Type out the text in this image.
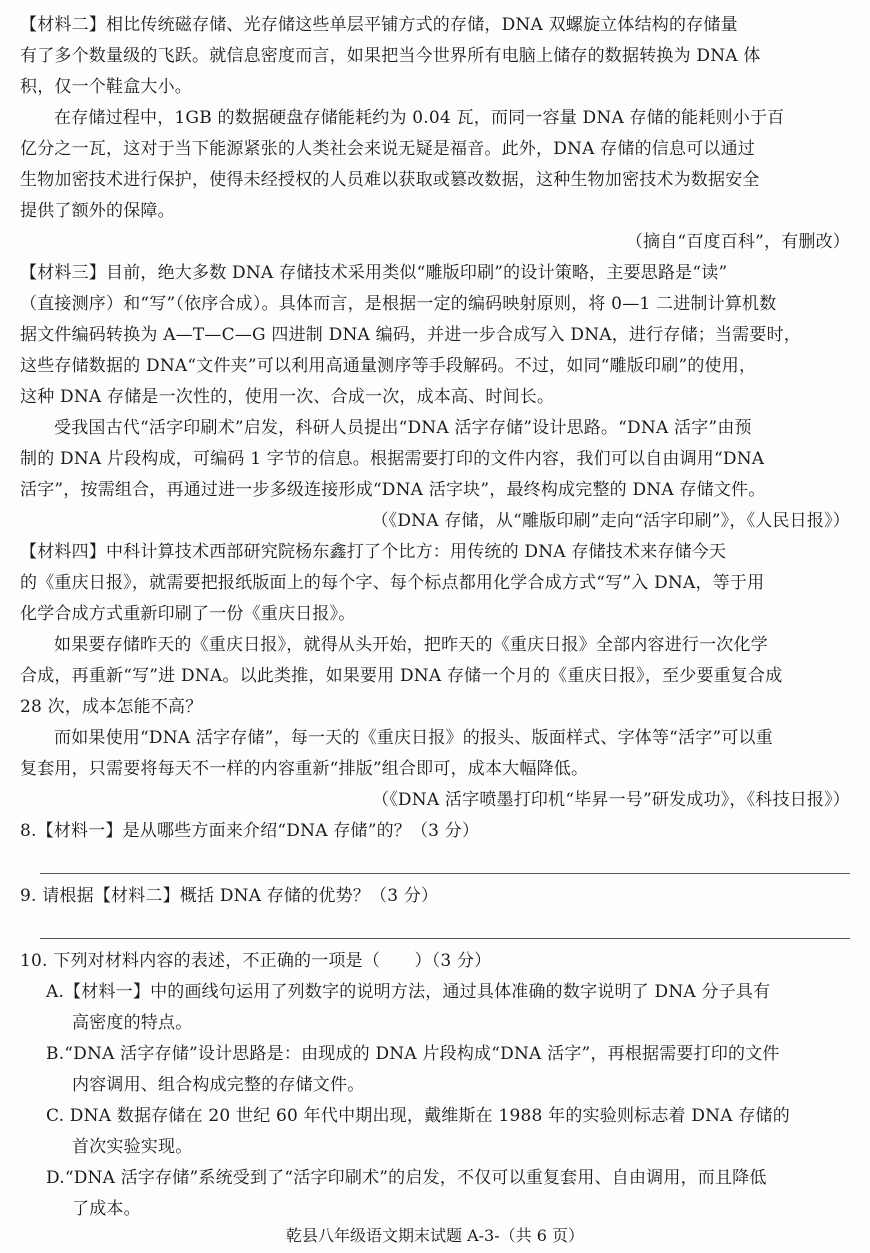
【材料二】相比传统磁存储、光存储这些单层平铺方式的存储，DNA 双螺旋立体结构的存储量
有了多个数量级的飞跃。就信息密度而言，如果把当今世界所有电脑上储存的数据转换为 DNA 体
积，仅一个鞋盒大小。
在存储过程中，1GB 的数据硬盘存储能耗约为 0.04 瓦，而同一容量 DNA 存储的能耗则小于百
亿分之一瓦，这对于当下能源紧张的人类社会来说无疑是福音。此外，DNA 存储的信息可以通过
生物加密技术进行保护，使得未经授权的人员难以获取或篡改数据，这种生物加密技术为数据安全
提供了额外的保障。
（摘自“百度百科”，有删改）
【材料三】目前，绝大多数 DNA 存储技术采用类似“雕版印刷”的设计策略，主要思路是“读”
（直接测序）和“写”（依序合成）。具体而言，是根据一定的编码映射原则，将 0—1 二进制计算机数
据文件编码转换为 A—T—C—G 四进制 DNA 编码，并进一步合成写入 DNA，进行存储；当需要时，
这些存储数据的 DNA“文件夹”可以利用高通量测序等手段解码。不过，如同“雕版印刷”的使用，
这种 DNA 存储是一次性的，使用一次、合成一次，成本高、时间长。
受我国古代“活字印刷术”启发，科研人员提出“DNA 活字存储”设计思路。“DNA 活字”由预
制的 DNA 片段构成，可编码 1 字节的信息。根据需要打印的文件内容，我们可以自由调用“DNA
活字”，按需组合，再通过进一步多级连接形成“DNA 活字块”，最终构成完整的 DNA 存储文件。
（《DNA 存储，从“雕版印刷”走向“活字印刷”》，《人民日报》）
【材料四】中科计算技术西部研究院杨东鑫打了个比方：用传统的 DNA 存储技术来存储今天
的《重庆日报》，就需要把报纸版面上的每个字、每个标点都用化学合成方式“写”入 DNA，等于用
化学合成方式重新印刷了一份《重庆日报》。
如果要存储昨天的《重庆日报》，就得从头开始，把昨天的《重庆日报》全部内容进行一次化学
合成，再重新“写”进 DNA。以此类推，如果要用 DNA 存储一个月的《重庆日报》，至少要重复合成
28 次，成本怎能不高？
而如果使用“DNA 活字存储”，每一天的《重庆日报》的报头、版面样式、字体等“活字”可以重
复套用，只需要将每天不一样的内容重新“排版”组合即可，成本大幅降低。
（《DNA 活字喷墨打印机“毕昇一号”研发成功》，《科技日报》）
8.【材料一】是从哪些方面来介绍“DNA 存储”的？（3 分）
9. 请根据【材料二】概括 DNA 存储的优势？（3 分）
10. 下列对材料内容的表述，不正确的一项是（　　）（3 分）
A.【材料一】中的画线句运用了列数字的说明方法，通过具体准确的数字说明了 DNA 分子具有
高密度的特点。
B.“DNA 活字存储”设计思路是：由现成的 DNA 片段构成“DNA 活字”，再根据需要打印的文件
内容调用、组合构成完整的存储文件。
C. DNA 数据存储在 20 世纪 60 年代中期出现，戴维斯在 1988 年的实验则标志着 DNA 存储的
首次实验实现。
D.“DNA 活字存储”系统受到了“活字印刷术”的启发，不仅可以重复套用、自由调用，而且降低
了成本。
乾县八年级语文期末试题 A-3-（共 6 页）
